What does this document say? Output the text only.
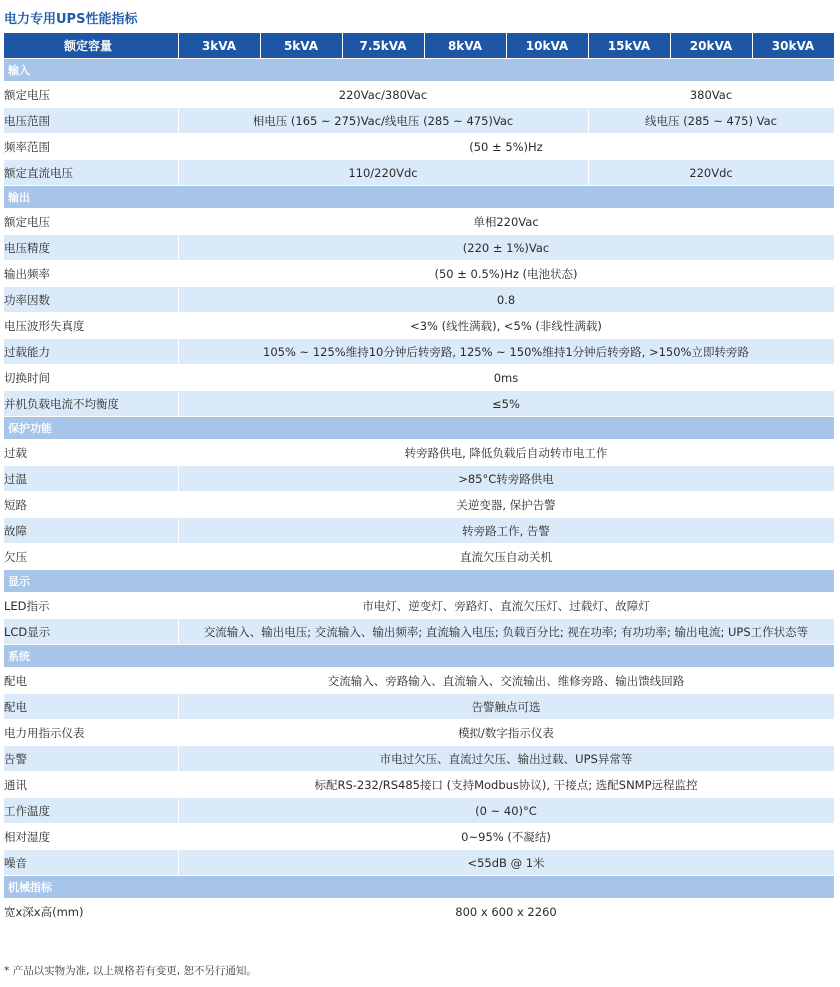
电力专用UPS性能指标
额定容量	3kVA	5kVA	7.5kVA	8kVA	10kVA	15kVA	20kVA	30kVA
输入								
额定电压	220Vac/380Vac					380Vac		
电压范围	相电压 (165 ~ 275)Vac/线电压 (285 ~ 475)Vac					线电压 (285 ~ 475) Vac		
频率范围	(50 ± 5%)Hz							
额定直流电压	110/220Vdc					220Vdc		
输出								
额定电压	单相220Vac							
电压精度	(220 ± 1%)Vac							
输出频率	(50 ± 0.5%)Hz (电池状态)							
功率因数	0.8							
电压波形失真度	<3% (线性满载), <5% (非线性满载)							
过载能力	105% ~ 125%维持10分钟后转旁路, 125% ~ 150%维持1分钟后转旁路, >150%立即转旁路							
切换时间	0ms							
并机负载电流不均衡度	≤5%							
保护功能								
过载	转旁路供电, 降低负载后自动转市电工作							
过温	>85°C转旁路供电							
短路	关逆变器, 保护告警							
故障	转旁路工作, 告警							
欠压	直流欠压自动关机							
显示								
LED指示	市电灯、逆变灯、旁路灯、直流欠压灯、过载灯、故障灯							
LCD显示	交流输入、输出电压; 交流输入、输出频率; 直流输入电压; 负载百分比; 视在功率; 有功功率; 输出电流; UPS工作状态等							
系统								
配电	交流输入、旁路输入、直流输入、交流输出、维修旁路、输出馈线回路							
配电	告警触点可选							
电力用指示仪表	模拟/数字指示仪表							
告警	市电过欠压、直流过欠压、输出过载、UPS异常等							
通讯	标配RS-232/RS485接口 (支持Modbus协议), 干接点; 选配SNMP远程监控							
工作温度	(0 ~ 40)°C							
相对湿度	0~95% (不凝结)							
噪音	<55dB @ 1米							
机械指标								
宽x深x高(mm)	800 x 600 x 2260							
* 产品以实物为准, 以上规格若有变更, 恕不另行通知。
